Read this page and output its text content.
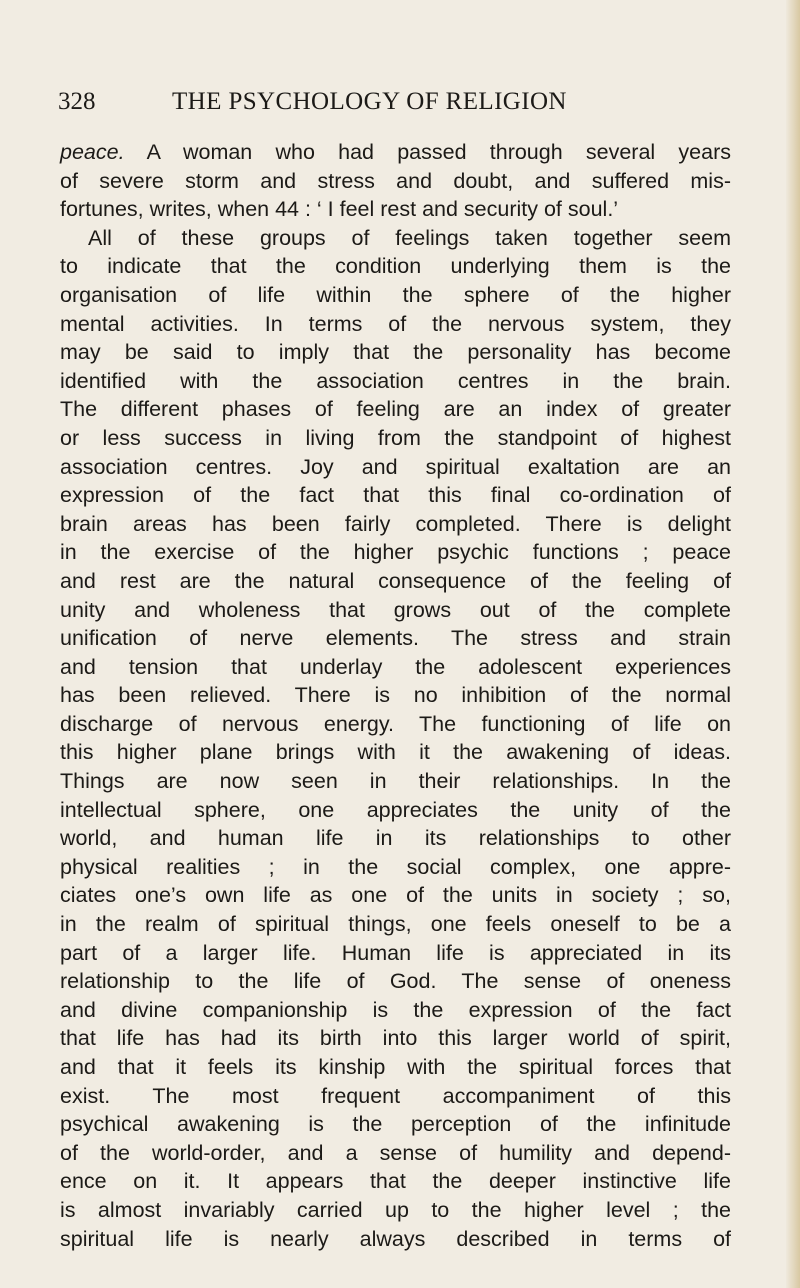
328	THE PSYCHOLOGY OF RELIGION
peace. A woman who had passed through several years
of severe storm and stress and doubt, and suffered mis-
fortunes, writes, when 44 : ‘ I feel rest and security of soul.’
All of these groups of feelings taken together seem
to indicate that the condition underlying them is the
organisation of life within the sphere of the higher
mental activities. In terms of the nervous system, they
may be said to imply that the personality has become
identified with the association centres in the brain.
The different phases of feeling are an index of greater
or less success in living from the standpoint of highest
association centres. Joy and spiritual exaltation are an
expression of the fact that this final co-ordination of
brain areas has been fairly completed. There is delight
in the exercise of the higher psychic functions ; peace
and rest are the natural consequence of the feeling of
unity and wholeness that grows out of the complete
unification of nerve elements. The stress and strain
and tension that underlay the adolescent experiences
has been relieved. There is no inhibition of the normal
discharge of nervous energy. The functioning of life on
this higher plane brings with it the awakening of ideas.
Things are now seen in their relationships. In the
intellectual sphere, one appreciates the unity of the
world, and human life in its relationships to other
physical realities ; in the social complex, one appre-
ciates one’s own life as one of the units in society ; so,
in the realm of spiritual things, one feels oneself to be a
part of a larger life. Human life is appreciated in its
relationship to the life of God. The sense of oneness
and divine companionship is the expression of the fact
that life has had its birth into this larger world of spirit,
and that it feels its kinship with the spiritual forces that
exist. The most frequent accompaniment of this
psychical awakening is the perception of the infinitude
of the world-order, and a sense of humility and depend-
ence on it. It appears that the deeper instinctive life
is almost invariably carried up to the higher level ; the
spiritual life is nearly always described in terms of
